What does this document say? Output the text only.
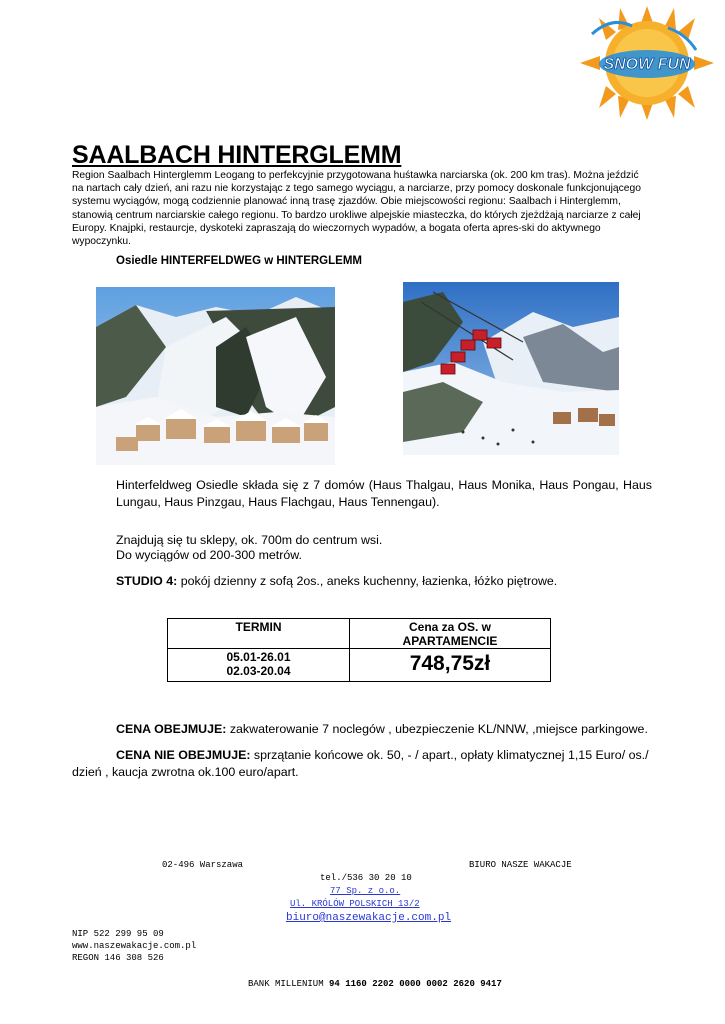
SNOW FUN
SAALBACH HINTERGLEMM
Region Saalbach Hinterglemm Leogang to perfekcyjnie przygotowana huśtawka narciarska (ok. 200 km tras). Można jeździć na nartach cały dzień, ani razu nie korzystając z tego samego wyciągu, a narciarze, przy pomocy doskonale funkcjonującego systemu wyciągów, mogą codziennie planować inną trasę zjazdów. Obie miejscowości regionu: Saalbach i Hinterglemm, stanowią centrum narciarskie całego regionu. To bardzo urokliwe alpejskie miasteczka, do których zjeżdżają narciarze z całej Europy. Knajpki, restaurcje, dyskoteki zapraszają do wieczornych wypadów, a bogata oferta apres-ski do aktywnego wypoczynku.
Osiedle HINTERFELDWEG w HINTERGLEMM
Hinterfeldweg Osiedle składa się z 7 domów (Haus Thalgau, Haus Monika, Haus Pongau, Haus Lungau, Haus Pinzgau, Haus Flachgau, Haus Tennengau).
Znajdują się tu sklepy, ok. 700m do centrum wsi.
Do wyciągów od 200-300 metrów.
STUDIO 4: pokój dzienny z sofą 2os., aneks kuchenny, łazienka, łóżko piętrowe.
TERMIN	Cena za OS. w
APARTAMENCIE
05.01-26.01
02.03-20.04	748,75zł
CENA OBEJMUJE: zakwaterowanie 7 noclegów , ubezpieczenie KL/NNW, ,miejsce parkingowe.
CENA NIE OBEJMUJE: sprzątanie końcowe ok. 50, - / apart., opłaty klimatycznej 1,15 Euro/ os./ dzień , kaucja zwrotna ok.100 euro/apart.
02-496 Warszawa	BIURO NASZE WAKACJE
tel./536 30 20 10
77 Sp. z o.o.
Ul. KRÓLÓW POLSKICH 13/2
biuro@naszewakacje.com.pl
NIP 522 299 95 09
www.naszewakacje.com.pl
REGON 146 308 526
BANK MILLENIUM 94 1160 2202 0000 0002 2620 9417
